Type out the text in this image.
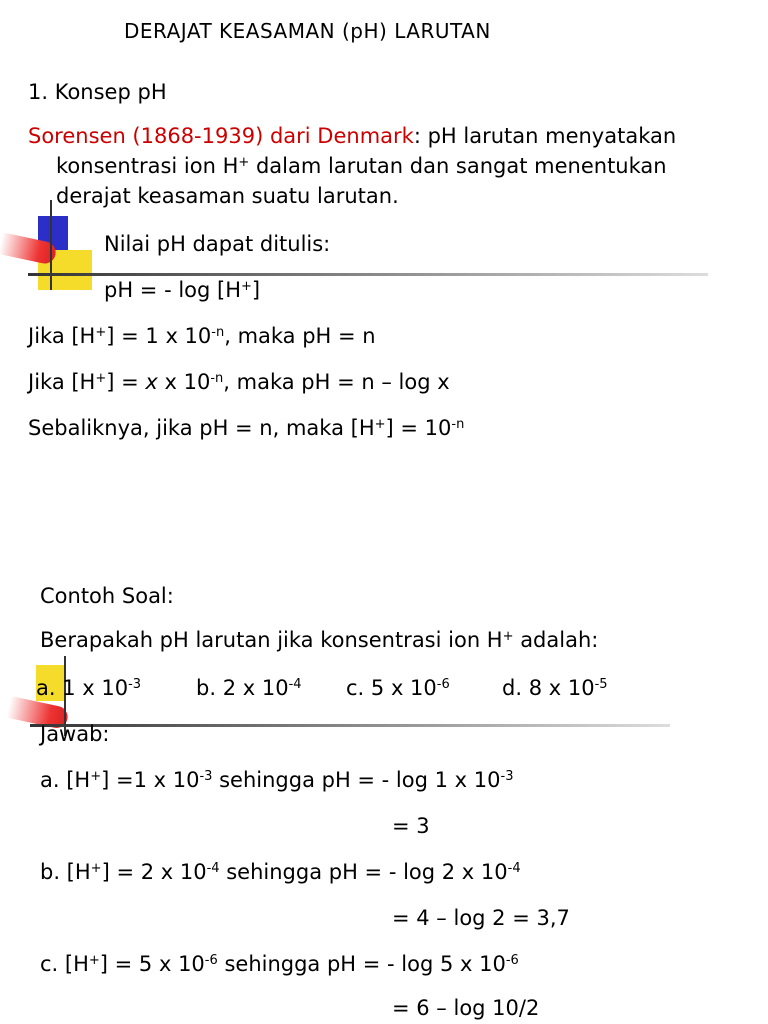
DERAJAT KEASAMAN (pH) LARUTAN
1. Konsep pH
Sorensen (1868-1939) dari Denmark: pH larutan menyatakan
konsentrasi ion H+ dalam larutan dan sangat menentukan
derajat keasaman suatu larutan.
Nilai pH dapat ditulis:
pH = - log [H+]
Jika [H+] = 1 x $10^{-n}$, maka pH = n
Jika [H+] = x x $10^{-n}$, maka pH = n – log x
Sebaliknya, jika pH = n, maka $[H^+] = 10^{-n}$
Contoh Soal:
Berapakah pH larutan jika konsentrasi ion H+ adalah:
a. 1 x $10^{-3}$	b. 2 x $10^{-4}$ c. 5 x $10^{-6}$ d. 8 x $10^{-5}$
Jawab:
a. [H+] =1 x $10^{-3}$ sehingga pH = - log 1 x $10^{-3}$
= 3
b. [H+] = 2 x $10^{-4}$ sehingga pH = - log 2 x $10^{-4}$
= 4 – log 2 = 3,7
c. [H+] = 5 x $10^{-6}$ sehingga pH = - log 5 x $10^{-6}$
= 6 – log 10/2
